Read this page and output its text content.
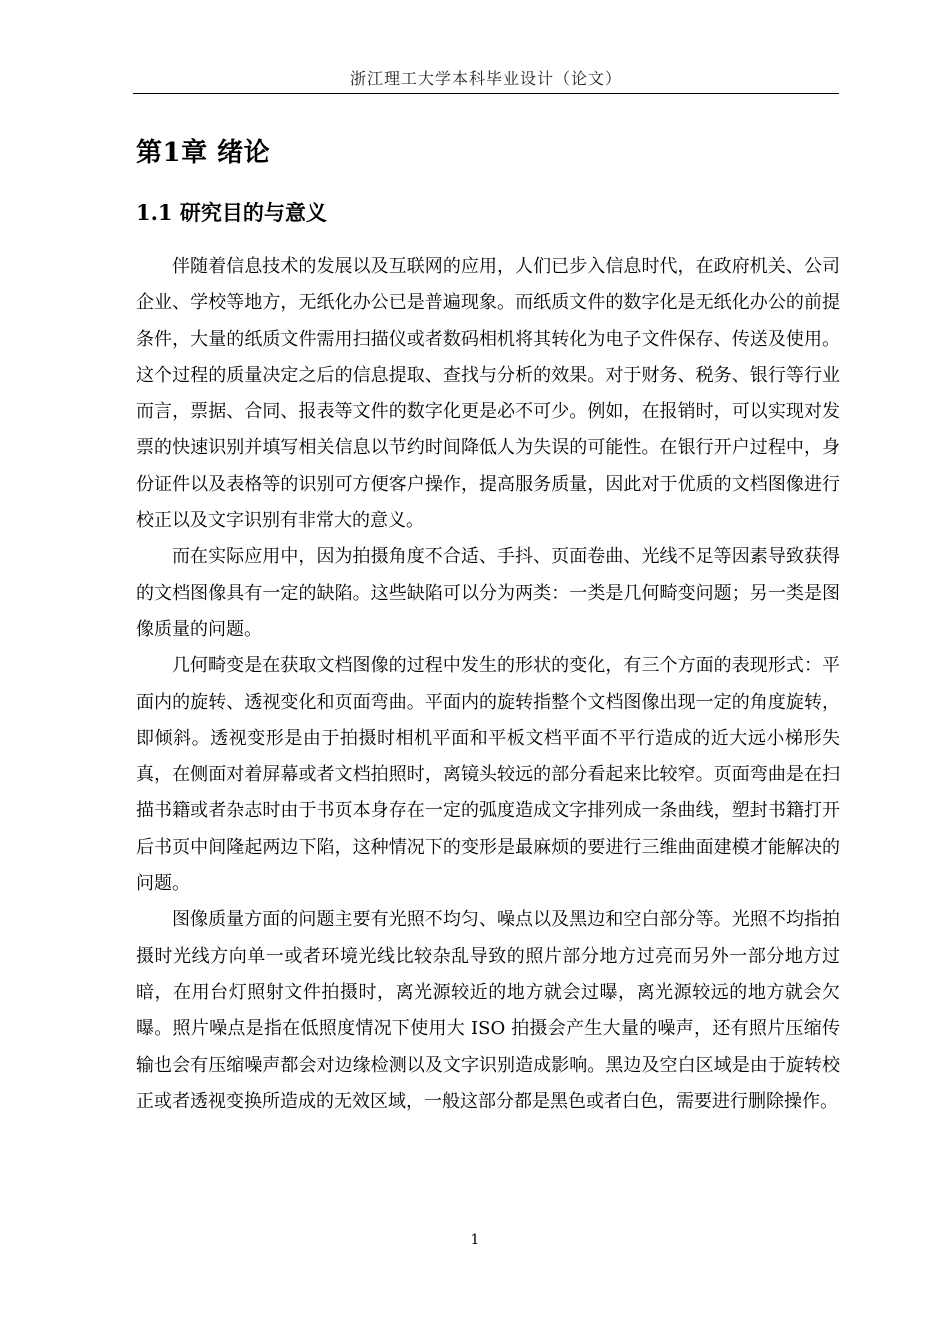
浙江理工大学本科毕业设计（论文）
第1章 绪论
1.1 研究目的与意义

伴随着信息技术的发展以及互联网的应用，人们已步入信息时代，在政府机关、公司企业、学校等地方，无纸化办公已是普遍现象。而纸质文件的数字化是无纸化办公的前提条件，大量的纸质文件需用扫描仪或者数码相机将其转化为电子文件保存、传送及使用。这个过程的质量决定之后的信息提取、查找与分析的效果。对于财务、税务、银行等行业而言，票据、合同、报表等文件的数字化更是必不可少。例如，在报销时，可以实现对发票的快速识别并填写相关信息以节约时间降低人为失误的可能性。在银行开户过程中，身份证件以及表格等的识别可方便客户操作，提高服务质量，因此对于优质的文档图像进行校正以及文字识别有非常大的意义。

而在实际应用中，因为拍摄角度不合适、手抖、页面卷曲、光线不足等因素导致获得的文档图像具有一定的缺陷。这些缺陷可以分为两类：一类是几何畸变问题；另一类是图像质量的问题。

几何畸变是在获取文档图像的过程中发生的形状的变化，有三个方面的表现形式：平面内的旋转、透视变化和页面弯曲。平面内的旋转指整个文档图像出现一定的角度旋转，即倾斜。透视变形是由于拍摄时相机平面和平板文档平面不平行造成的近大远小梯形失真，在侧面对着屏幕或者文档拍照时，离镜头较远的部分看起来比较窄。页面弯曲是在扫描书籍或者杂志时由于书页本身存在一定的弧度造成文字排列成一条曲线，塑封书籍打开后书页中间隆起两边下陷，这种情况下的变形是最麻烦的要进行三维曲面建模才能解决的问题。

图像质量方面的问题主要有光照不均匀、噪点以及黑边和空白部分等。光照不均指拍摄时光线方向单一或者环境光线比较杂乱导致的照片部分地方过亮而另外一部分地方过暗，在用台灯照射文件拍摄时，离光源较近的地方就会过曝，离光源较远的地方就会欠曝。照片噪点是指在低照度情况下使用大 ISO 拍摄会产生大量的噪声，还有照片压缩传输也会有压缩噪声都会对边缘检测以及文字识别造成影响。黑边及空白区域是由于旋转校正或者透视变换所造成的无效区域，一般这部分都是黑色或者白色，需要进行删除操作。

1
